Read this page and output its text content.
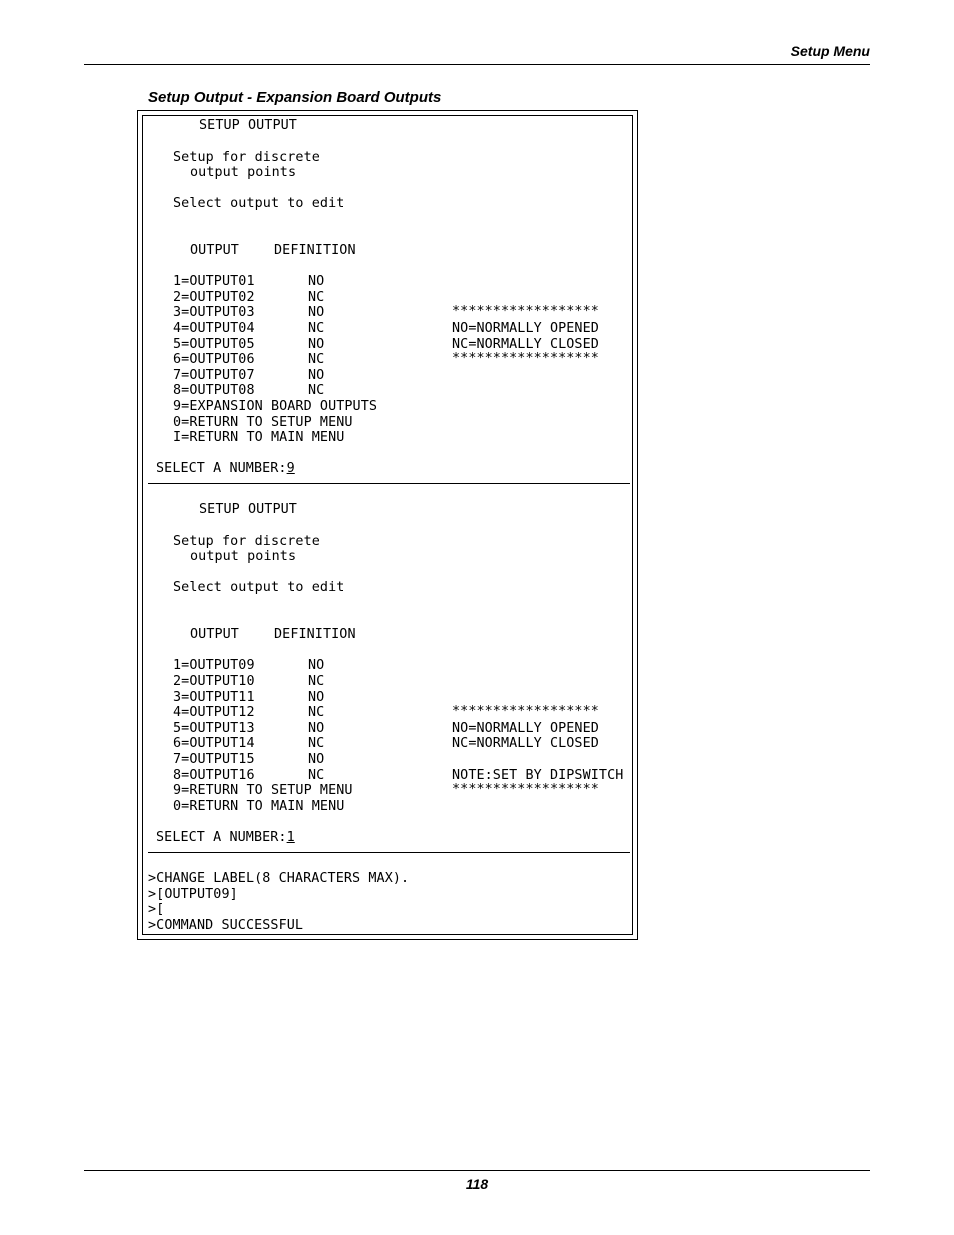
Setup Menu
Setup Output - Expansion Board Outputs
SETUP OUTPUT
Setup for discrete
output points
Select output to edit
OUTPUT	DEFINITION
1=OUTPUT01	NO
2=OUTPUT02	NC
3=OUTPUT03	NO
4=OUTPUT04	NC
5=OUTPUT05	NO
6=OUTPUT06	NC
7=OUTPUT07	NO
8=OUTPUT08	NC
******************
NO=NORMALLY OPENED
NC=NORMALLY CLOSED
******************
9=EXPANSION BOARD OUTPUTS
0=RETURN TO SETUP MENU
I=RETURN TO MAIN MENU
SELECT A NUMBER:9
SETUP OUTPUT
Setup for discrete
output points
Select output to edit
OUTPUT	DEFINITION
1=OUTPUT09	NO
2=OUTPUT10	NC
3=OUTPUT11	NO
4=OUTPUT12	NC
5=OUTPUT13	NO
6=OUTPUT14	NC
7=OUTPUT15	NO
8=OUTPUT16	NC
******************
NO=NORMALLY OPENED
NC=NORMALLY CLOSED
NOTE:SET BY DIPSWITCH
******************
9=RETURN TO SETUP MENU
0=RETURN TO MAIN MENU
SELECT A NUMBER:1
>CHANGE LABEL(8 CHARACTERS MAX).
>[OUTPUT09]
>[
>COMMAND SUCCESSFUL
118
